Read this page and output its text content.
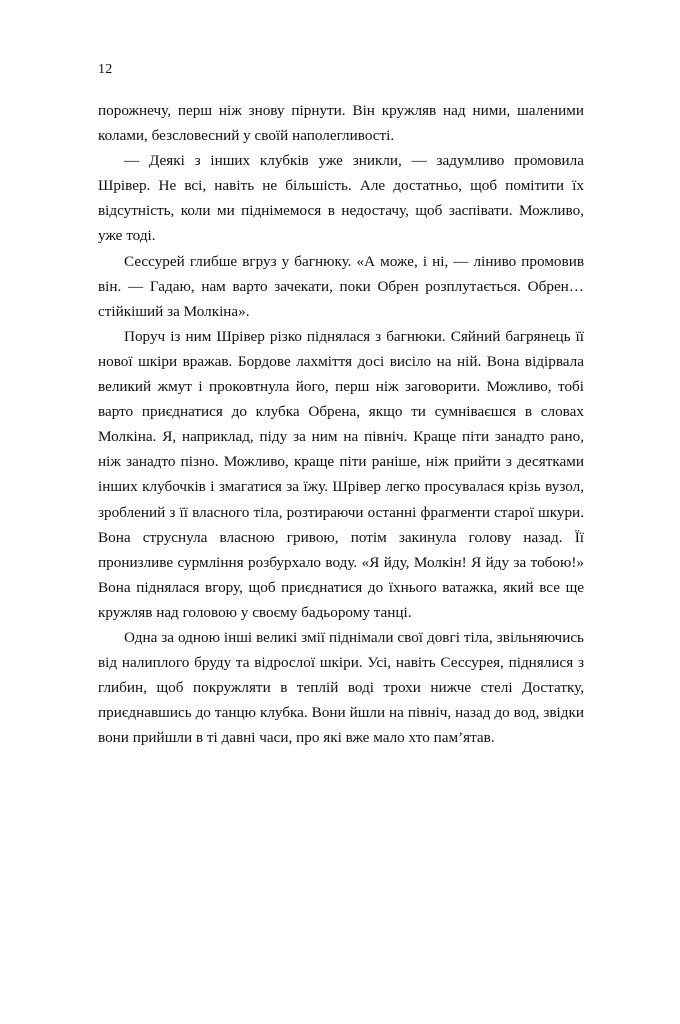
12

порожнечу, перш ніж знову пірнути. Він кружляв над ними, шаленими колами, безсловесний у своїй наполегливості.

— Деякі з інших клубків уже зникли, — задумливо промовила Шрівер. Не всі, навіть не більшість. Але достатньо, щоб помітити їх відсутність, коли ми піднімемося в недостачу, щоб заспівати. Можливо, уже тоді.

Сессурей глибше вгруз у багнюку. «А може, і ні, — ліниво промовив він. — Гадаю, нам варто зачекати, поки Обрен розплутається. Обрен… стійкіший за Молкіна».

Поруч із ним Шрівер різко піднялася з багнюки. Сяйний багрянець її нової шкіри вражав. Бордове лахміття досі висіло на ній. Вона відірвала великий жмут і проковтнула його, перш ніж заговорити. Можливо, тобі варто приєднатися до клубка Обрена, якщо ти сумніваєшся в словах Молкіна. Я, наприклад, піду за ним на північ. Краще піти занадто рано, ніж занадто пізно. Можливо, краще піти раніше, ніж прийти з десятками інших клубочків і змагатися за їжу. Шрівер легко просувалася крізь вузол, зроблений з її власного тіла, розтираючи останні фрагменти старої шкури. Вона струснула власною гривою, потім закинула голову назад. Її пронизливе сурмління розбурхало воду. «Я йду, Молкін! Я йду за тобою!» Вона піднялася вгору, щоб приєднатися до їхнього ватажка, який все ще кружляв над головою у своєму бадьорому танці.

Одна за одною інші великі змії піднімали свої довгі тіла, звільняючись від налиплого бруду та відрослої шкіри. Усі, навіть Сессурея, піднялися з глибин, щоб покружляти в теплій воді трохи нижче стелі Достатку, приєднавшись до танцю клубка. Вони йшли на північ, назад до вод, звідки вони прийшли в ті давні часи, про які вже мало хто пам’ятав.
